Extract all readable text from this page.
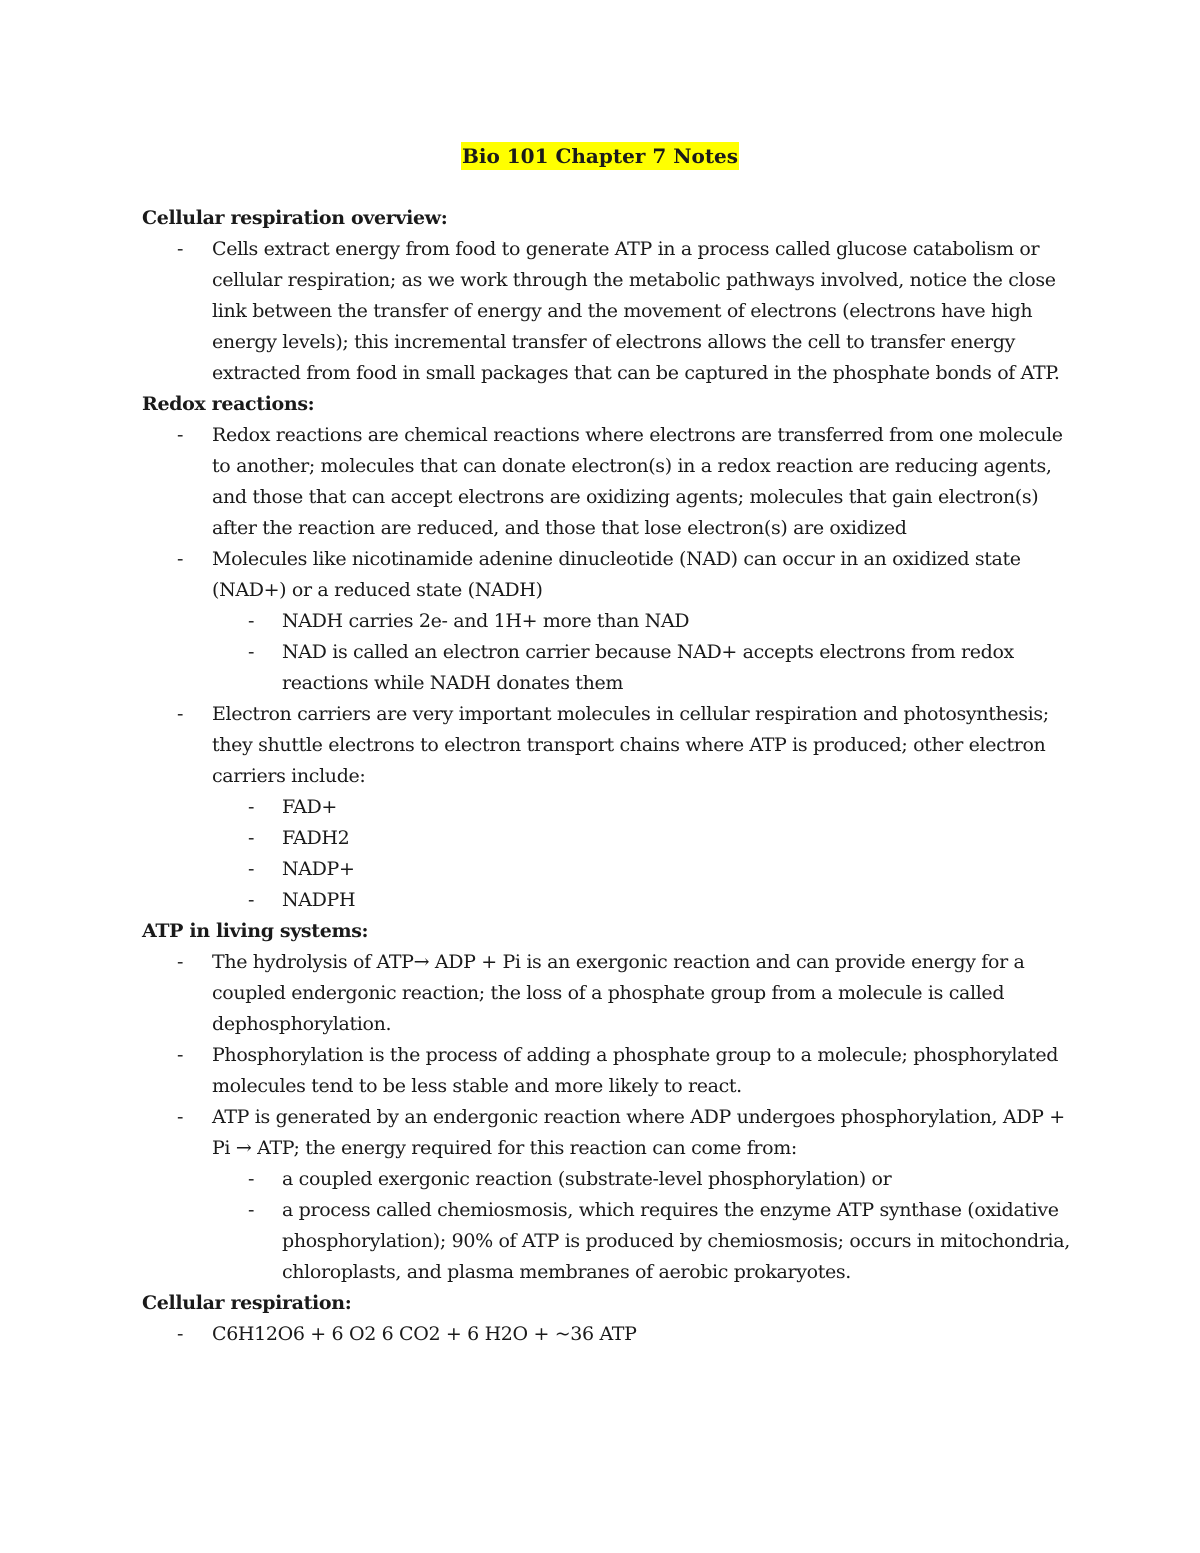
Bio 101 Chapter 7 Notes
Cellular respiration overview:
-	Cells extract energy from food to generate ATP in a process called glucose catabolism or cellular respiration; as we work through the metabolic pathways involved, notice the close link between the transfer of energy and the movement of electrons (electrons have high energy levels); this incremental transfer of electrons allows the cell to transfer energy extracted from food in small packages that can be captured in the phosphate bonds of ATP.
Redox reactions:
-	Redox reactions are chemical reactions where electrons are transferred from one molecule to another; molecules that can donate electron(s) in a redox reaction are reducing agents, and those that can accept electrons are oxidizing agents; molecules that gain electron(s) after the reaction are reduced, and those that lose electron(s) are oxidized
-	Molecules like nicotinamide adenine dinucleotide (NAD) can occur in an oxidized state (NAD+) or a reduced state (NADH)
-	NADH carries 2e- and 1H+ more than NAD
-	NAD is called an electron carrier because NAD+ accepts electrons from redox reactions while NADH donates them
-	Electron carriers are very important molecules in cellular respiration and photosynthesis; they shuttle electrons to electron transport chains where ATP is produced; other electron carriers include:
-	FAD+
-	FADH2
-	NADP+
-	NADPH
ATP in living systems:
-	The hydrolysis of ATP→ ADP + Pi is an exergonic reaction and can provide energy for a coupled endergonic reaction; the loss of a phosphate group from a molecule is called dephosphorylation.
-	Phosphorylation is the process of adding a phosphate group to a molecule; phosphorylated molecules tend to be less stable and more likely to react.
-	ATP is generated by an endergonic reaction where ADP undergoes phosphorylation, ADP + Pi → ATP; the energy required for this reaction can come from:
-	a coupled exergonic reaction (substrate-level phosphorylation) or
-	a process called chemiosmosis, which requires the enzyme ATP synthase (oxidative phosphorylation); 90% of ATP is produced by chemiosmosis; occurs in mitochondria, chloroplasts, and plasma membranes of aerobic prokaryotes.
Cellular respiration:
-	C6H12O6 + 6 O2 6 CO2 + 6 H2O + ~36 ATP
